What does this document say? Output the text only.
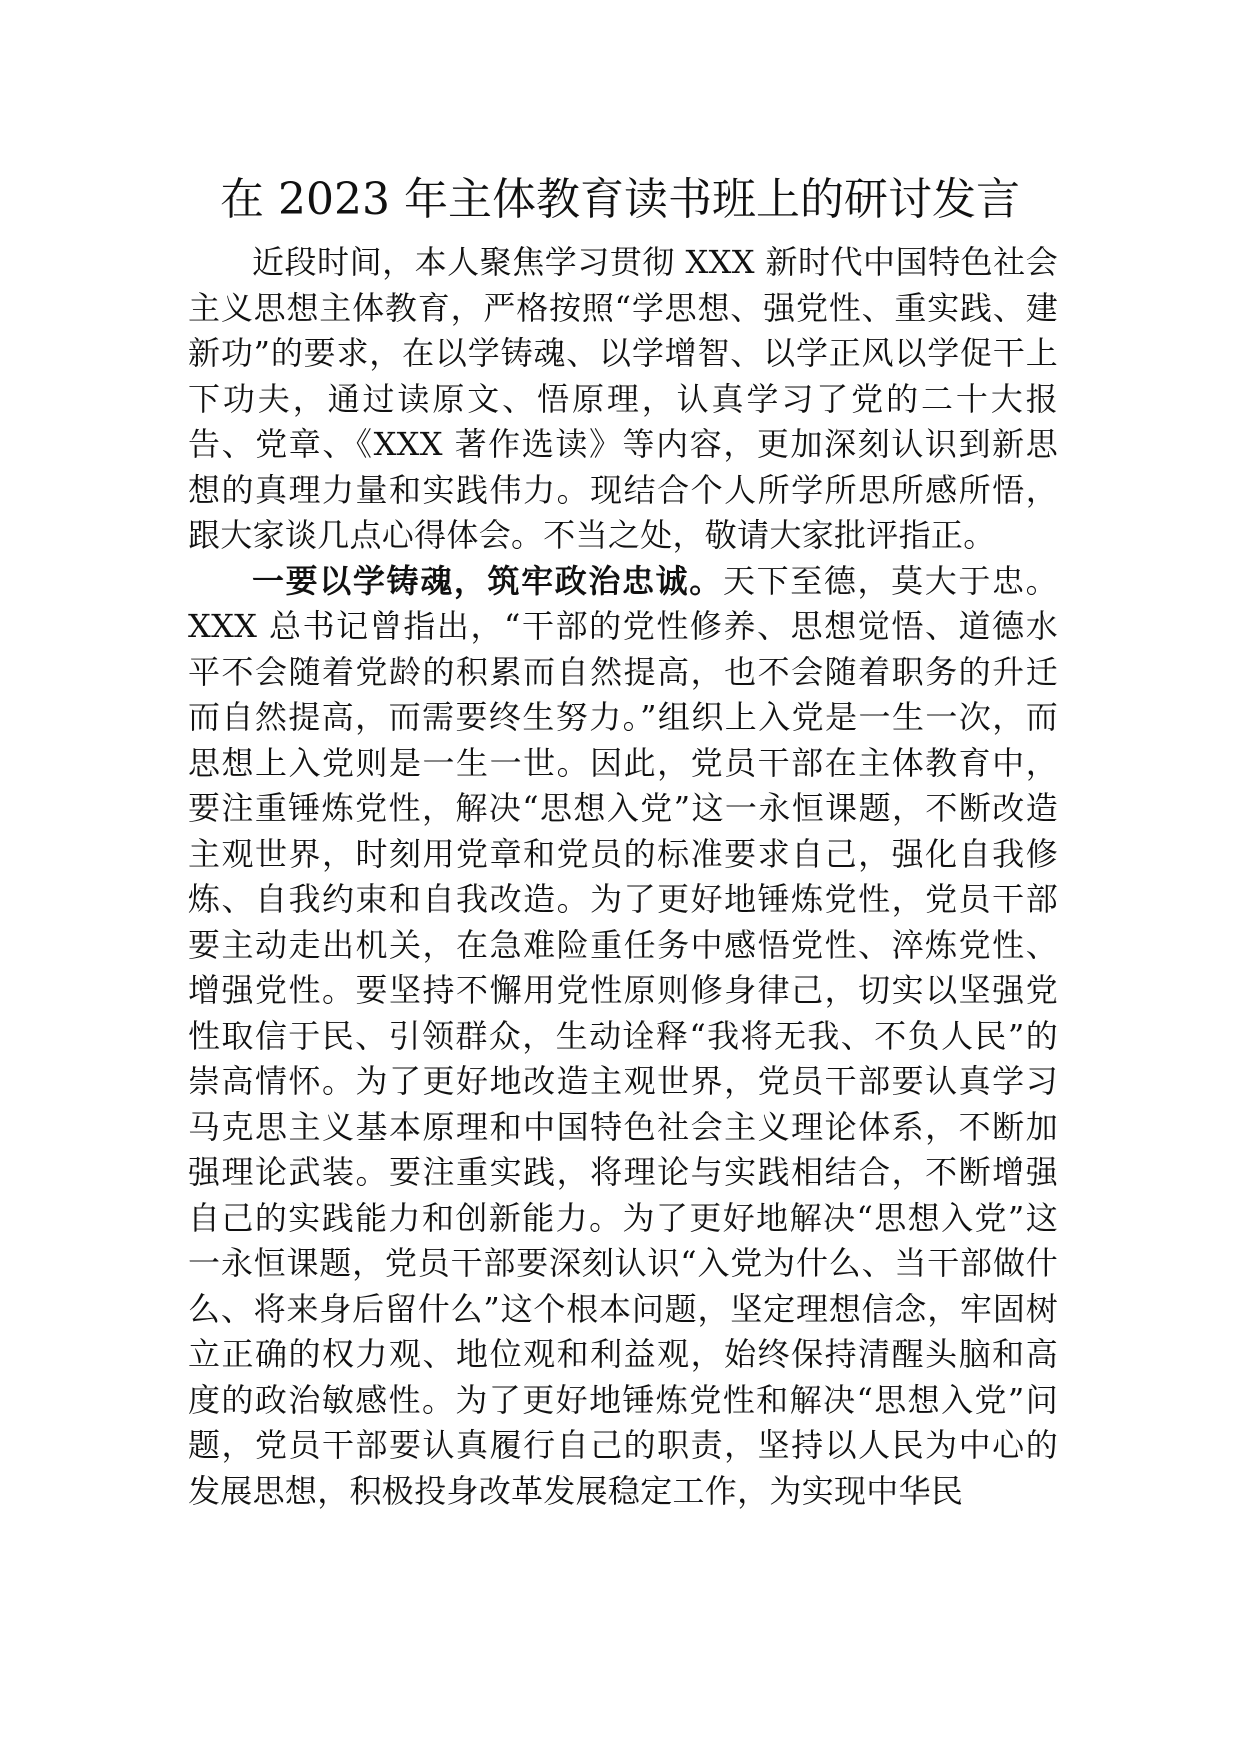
在 2023 年主体教育读书班上的研讨发言

近段时间，本人聚焦学习贯彻 XXX 新时代中国特色社会主义思想主体教育，严格按照“学思想、强党性、重实践、建新功”的要求，在以学铸魂、以学增智、以学正风以学促干上下功夫，通过读原文、悟原理，认真学习了党的二十大报告、党章、《XXX 著作选读》等内容，更加深刻认识到新思想的真理力量和实践伟力。现结合个人所学所思所感所悟，跟大家谈几点心得体会。不当之处，敬请大家批评指正。

一要以学铸魂，筑牢政治忠诚。天下至德，莫大于忠。XXX 总书记曾指出，“干部的党性修养、思想觉悟、道德水平不会随着党龄的积累而自然提高，也不会随着职务的升迁而自然提高，而需要终生努力。”组织上入党是一生一次，而思想上入党则是一生一世。因此，党员干部在主体教育中，要注重锤炼党性，解决“思想入党”这一永恒课题，不断改造主观世界，时刻用党章和党员的标准要求自己，强化自我修炼、自我约束和自我改造。为了更好地锤炼党性，党员干部要主动走出机关，在急难险重任务中感悟党性、淬炼党性、增强党性。要坚持不懈用党性原则修身律己，切实以坚强党性取信于民、引领群众，生动诠释“我将无我、不负人民”的崇高情怀。为了更好地改造主观世界，党员干部要认真学习马克思主义基本原理和中国特色社会主义理论体系，不断加强理论武装。要注重实践，将理论与实践相结合，不断增强自己的实践能力和创新能力。为了更好地解决“思想入党”这一永恒课题，党员干部要深刻认识“入党为什么、当干部做什么、将来身后留什么”这个根本问题，坚定理想信念，牢固树立正确的权力观、地位观和利益观，始终保持清醒头脑和高度的政治敏感性。为了更好地锤炼党性和解决“思想入党”问题，党员干部要认真履行自己的职责，坚持以人民为中心的发展思想，积极投身改革发展稳定工作，为实现中华民
